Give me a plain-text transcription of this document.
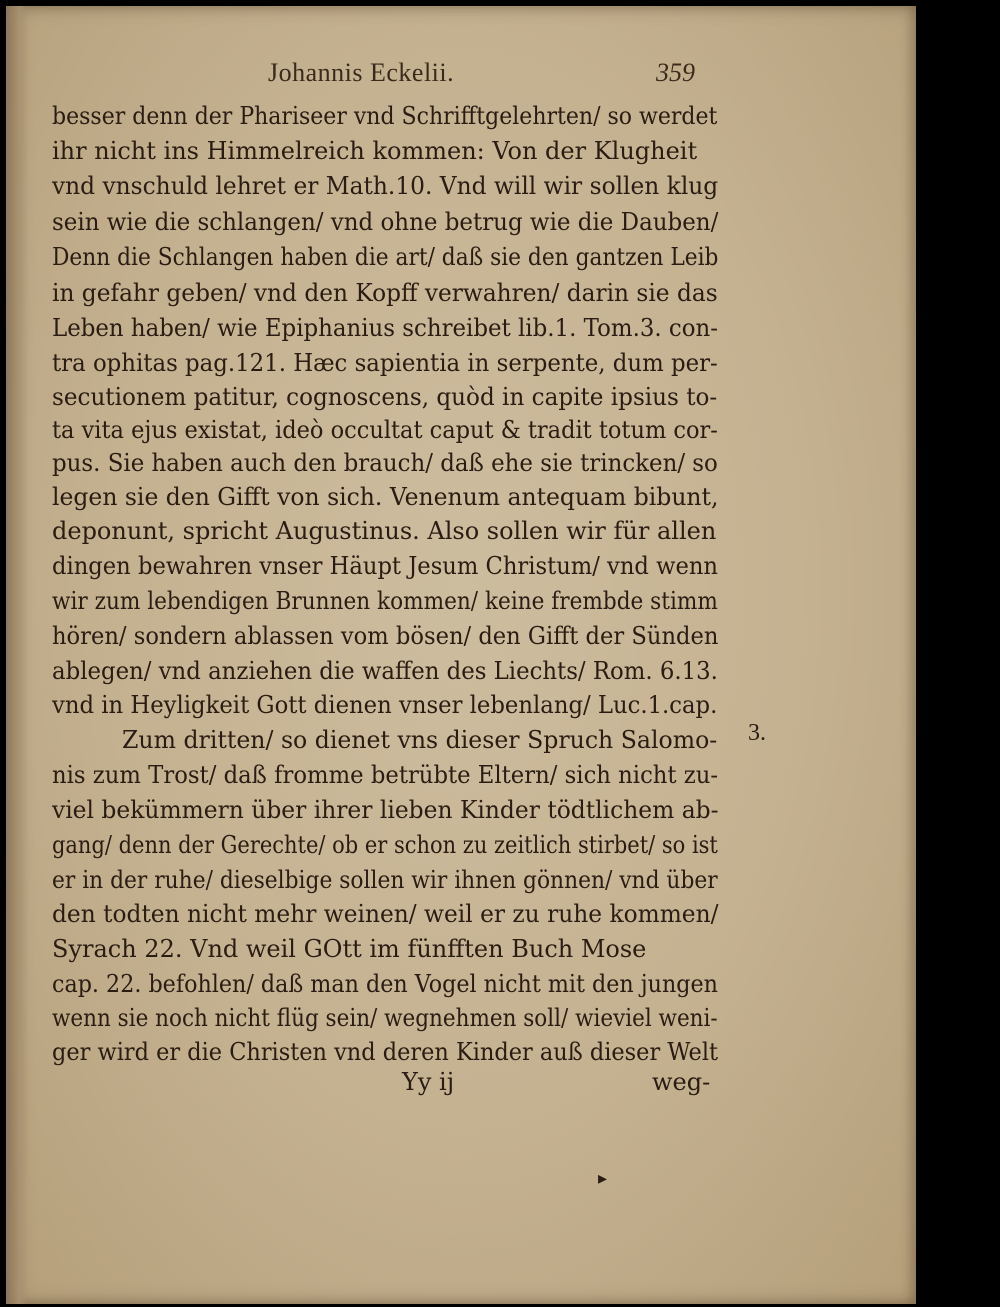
Johannis Eckelii.	359

besser denn der Phariseer vnd Schrifftgelehrten/ so werdet

ihr nicht ins Himmelreich kommen: Von der Klugheit

vnd vnschuld lehret er Math.10. Vnd will wir sollen klug

sein wie die schlangen/ vnd ohne betrug wie die Dauben/

Denn die Schlangen haben die art/ daß sie den gantzen Leib

in gefahr geben/ vnd den Kopff verwahren/ darin sie das

Leben haben/ wie Epiphanius schreibet lib.1. Tom.3. con-

tra ophitas pag.121. Hæc sapientia in serpente, dum per-

secutionem patitur, cognoscens, quòd in capite ipsius to-

ta vita ejus existat, ideò occultat caput & tradit totum cor-

pus. Sie haben auch den brauch/ daß ehe sie trincken/ so

legen sie den Gifft von sich. Venenum antequam bibunt,

deponunt, spricht Augustinus. Also sollen wir für allen

dingen bewahren vnser Häupt Jesum Christum/ vnd wenn

wir zum lebendigen Brunnen kommen/ keine frembde stimm

hören/ sondern ablassen vom bösen/ den Gifft der Sünden

ablegen/ vnd anziehen die waffen des Liechts/ Rom. 6.13.

vnd in Heyligkeit Gott dienen vnser lebenlang/ Luc.1.cap.

Zum dritten/ so dienet vns dieser Spruch Salomo-

nis zum Trost/ daß fromme betrübte Eltern/ sich nicht zu-

viel bekümmern über ihrer lieben Kinder tödtlichem ab-

gang/ denn der Gerechte/ ob er schon zu zeitlich stirbet/ so ist

er in der ruhe/ dieselbige sollen wir ihnen gönnen/ vnd über

den todten nicht mehr weinen/ weil er zu ruhe kommen/

Syrach 22. Vnd weil GOtt im fünfften Buch Mose

cap. 22. befohlen/ daß man den Vogel nicht mit den jungen

wenn sie noch nicht flüg sein/ wegnehmen soll/ wieviel weni-

ger wird er die Christen vnd deren Kinder auß dieser Welt

3.
Yy ij	weg-
▸
